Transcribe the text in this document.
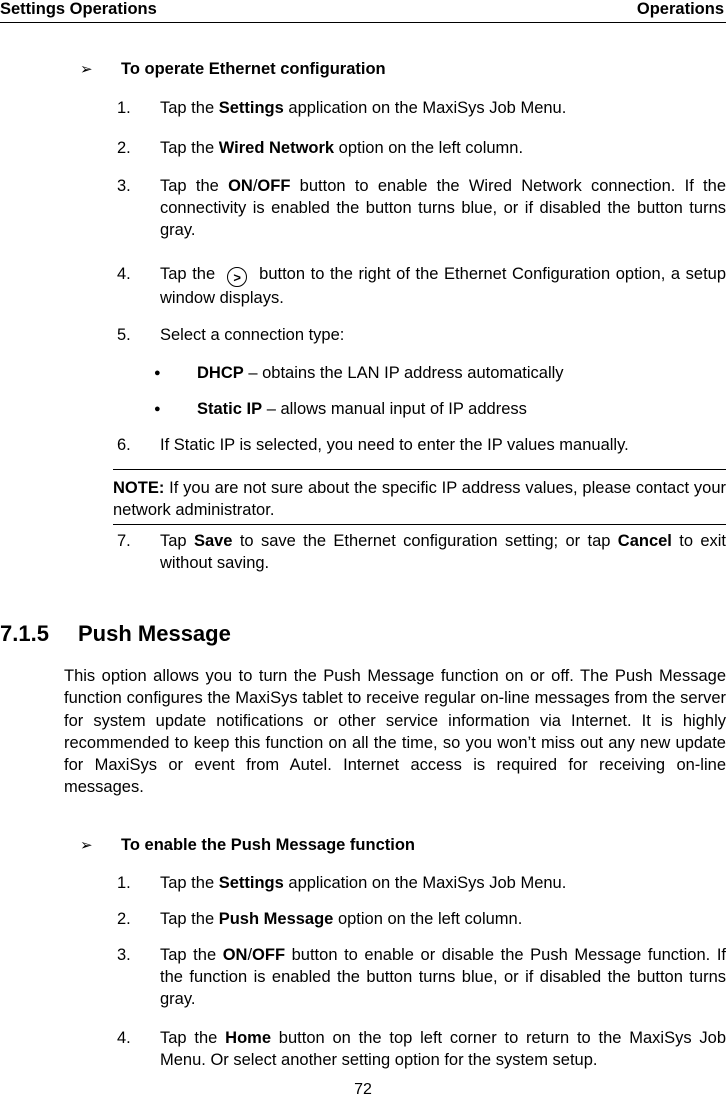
Settings Operations	Operations
➢ To operate Ethernet configuration
1. Tap the Settings application on the MaxiSys Job Menu.
2. Tap the Wired Network option on the left column.
3. Tap the ON/OFF button to enable the Wired Network connection. If the connectivity is enabled the button turns blue, or if disabled the button turns gray.
4. Tap the > button to the right of the Ethernet Configuration option, a setup window displays.
5. Select a connection type:
● DHCP – obtains the LAN IP address automatically
● Static IP – allows manual input of IP address
6. If Static IP is selected, you need to enter the IP values manually.
NOTE: If you are not sure about the specific IP address values, please contact your network administrator.
7. Tap Save to save the Ethernet configuration setting; or tap Cancel to exit without saving.
7.1.5 Push Message
This option allows you to turn the Push Message function on or off. The Push Message function configures the MaxiSys tablet to receive regular on-line messages from the server for system update notifications or other service information via Internet. It is highly recommended to keep this function on all the time, so you won’t miss out any new update for MaxiSys or event from Autel. Internet access is required for receiving on-line messages.
➢ To enable the Push Message function
1. Tap the Settings application on the MaxiSys Job Menu.
2. Tap the Push Message option on the left column.
3. Tap the ON/OFF button to enable or disable the Push Message function. If the function is enabled the button turns blue, or if disabled the button turns gray.
4. Tap the Home button on the top left corner to return to the MaxiSys Job Menu. Or select another setting option for the system setup.
72
